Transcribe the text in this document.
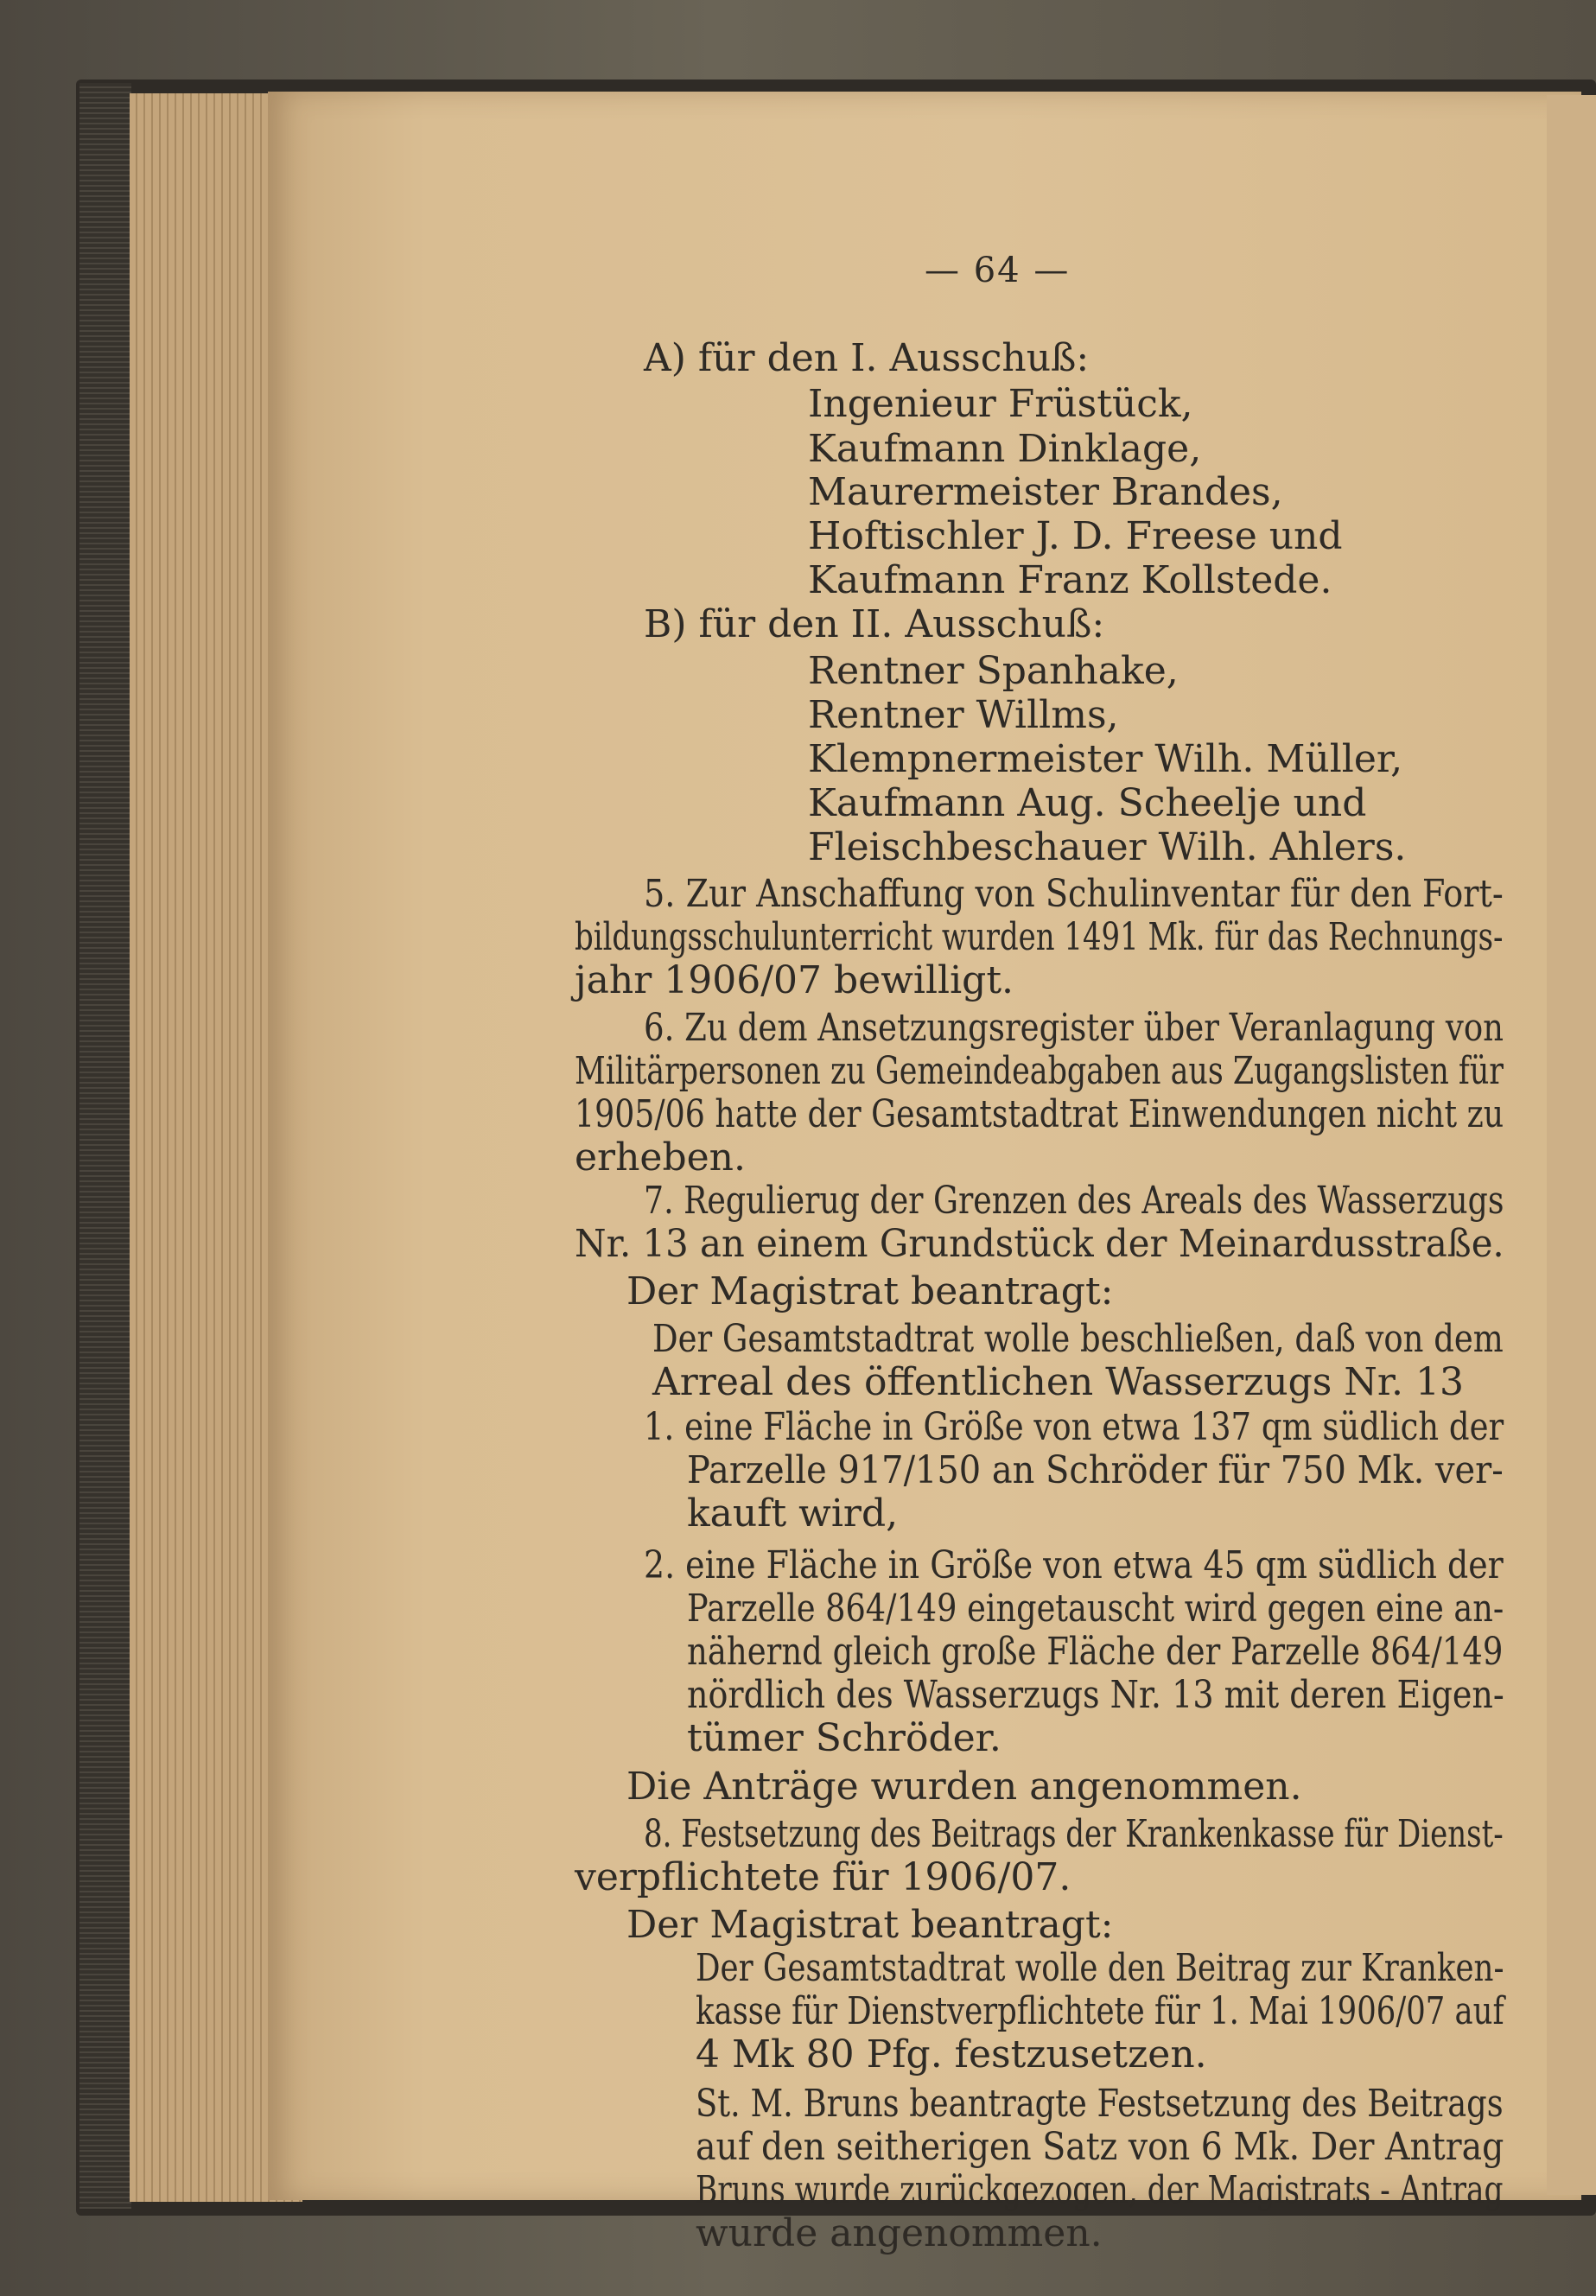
— 64 —

A) für den I. Ausschuß:

Ingenieur Früstück,

Kaufmann Dinklage,

Maurermeister Brandes,

Hoftischler J. D. Freese und

Kaufmann Franz Kollstede.

B) für den II. Ausschuß:

Rentner Spanhake,

Rentner Willms,

Klempnermeister Wilh. Müller,

Kaufmann Aug. Scheelje und

Fleischbeschauer Wilh. Ahlers.

5. Zur Anschaffung von Schulinventar für den Fort-

bildungsschulunterricht wurden 1491 Mk. für das Rechnungs-

jahr 1906/07 bewilligt.

6. Zu dem Ansetzungsregister über Veranlagung von

Militärpersonen zu Gemeindeabgaben aus Zugangslisten für

1905/06 hatte der Gesamtstadtrat Einwendungen nicht zu

erheben.

7. Regulierug der Grenzen des Areals des Wasserzugs

Nr. 13 an einem Grundstück der Meinardusstraße.

Der Magistrat beantragt:

Der Gesamtstadtrat wolle beschließen, daß von dem

Arreal des öffentlichen Wasserzugs Nr. 13

1. eine Fläche in Größe von etwa 137 qm südlich der

Parzelle 917/150 an Schröder für 750 Mk. ver-

kauft wird,

2. eine Fläche in Größe von etwa 45 qm südlich der

Parzelle 864/149 eingetauscht wird gegen eine an-

nähernd gleich große Fläche der Parzelle 864/149

nördlich des Wasserzugs Nr. 13 mit deren Eigen-

tümer Schröder.

Die Anträge wurden angenommen.

8. Festsetzung des Beitrags der Krankenkasse für Dienst-

verpflichtete für 1906/07.

Der Magistrat beantragt:

Der Gesamtstadtrat wolle den Beitrag zur Kranken-

kasse für Dienstverpflichtete für 1. Mai 1906/07 auf

4 Mk 80 Pfg. festzusetzen.

St. M. Bruns beantragte Festsetzung des Beitrags

auf den seitherigen Satz von 6 Mk. Der Antrag

Bruns wurde zurückgezogen, der Magistrats - Antrag

wurde angenommen.
